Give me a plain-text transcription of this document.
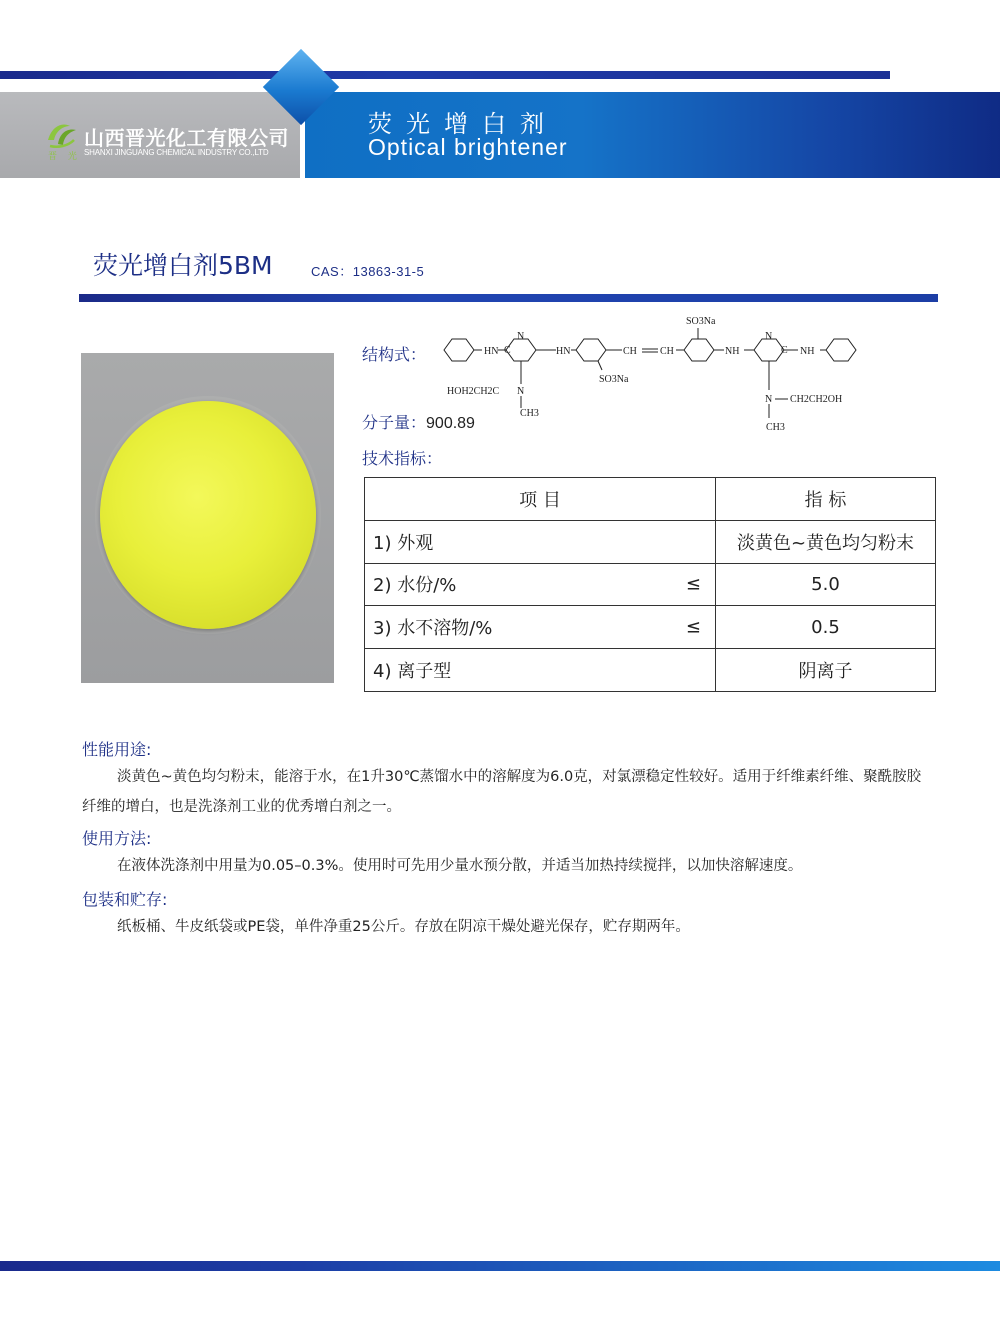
晋 光
山西晋光化工有限公司
SHANXI JINGUANG CHEMICAL INDUSTRY CO.,LTD
荧光增白剂
Optical brightener
荧光增白剂5BM	CAS：13863-31-5
结构式：	HN	HN	CH CH	NH	NH
SO3Na
SO3Na
N
HOH2CH2C
CH3
N CH2CH2OH
CH3
N
C
N
C
分子量：900.89
技术指标：
项 目	指 标
1) 外观	淡黄色~黄色均匀粉末
2) 水份/% ≤	5.0
3) 水不溶物/% ≤	0.5
4) 离子型	阴离子
性能用途:
淡黄色~黄色均匀粉末，能溶于水，在1升30℃蒸馏水中的溶解度为6.0克，对氯漂稳定性较好。适用于纤维素纤维、聚酰胺胶纤维的增白，也是洗涤剂工业的优秀增白剂之一。
使用方法:
在液体洗涤剂中用量为0.05–0.3%。使用时可先用少量水预分散，并适当加热持续搅拌，以加快溶解速度。
包装和贮存:
纸板桶、牛皮纸袋或PE袋，单件净重25公斤。存放在阴凉干燥处避光保存，贮存期两年。
